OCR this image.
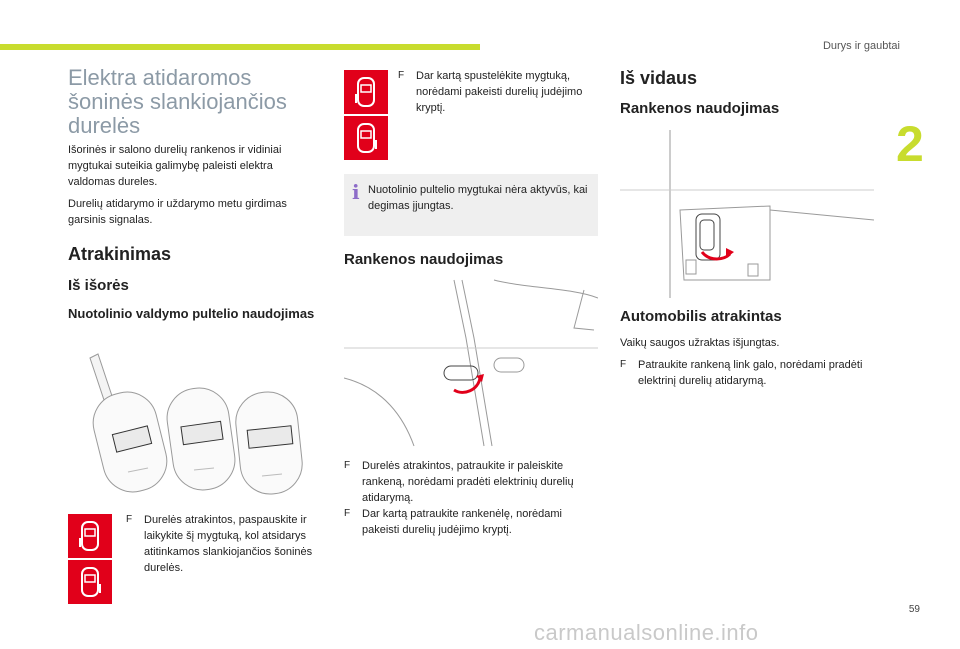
Durys ir gaubtai
2
59
Elektra atidaromos šoninės slankiojančios durelės
Išorinės ir salono durelių rankenos ir vidiniai mygtukai suteikia galimybę paleisti elektra valdomas dureles.
Durelių atidarymo ir uždarymo metu girdimas garsinis signalas.
Atrakinimas
Iš išorės
Nuotolinio valdymo pultelio naudojimas
F	Durelės atrakintos, paspauskite ir laikykite šį mygtuką, kol atsidarys atitinkamos slankiojančios šoninės durelės.
F	Dar kartą spustelėkite mygtuką, norėdami pakeisti durelių judėjimo kryptį.
i Nuotolinio pultelio mygtukai nėra aktyvūs, kai degimas įjungtas.
Rankenos naudojimas
F	Durelės atrakintos, patraukite ir paleiskite rankeną, norėdami pradėti elektrinių durelių atidarymą.
F	Dar kartą patraukite rankenėlę, norėdami pakeisti durelių judėjimo kryptį.
Iš vidaus
Rankenos naudojimas
Automobilis atrakintas
Vaikų saugos užraktas išjungtas.
F	Patraukite rankeną link galo, norėdami pradėti elektrinį durelių atidarymą.
carmanualsonline.info
